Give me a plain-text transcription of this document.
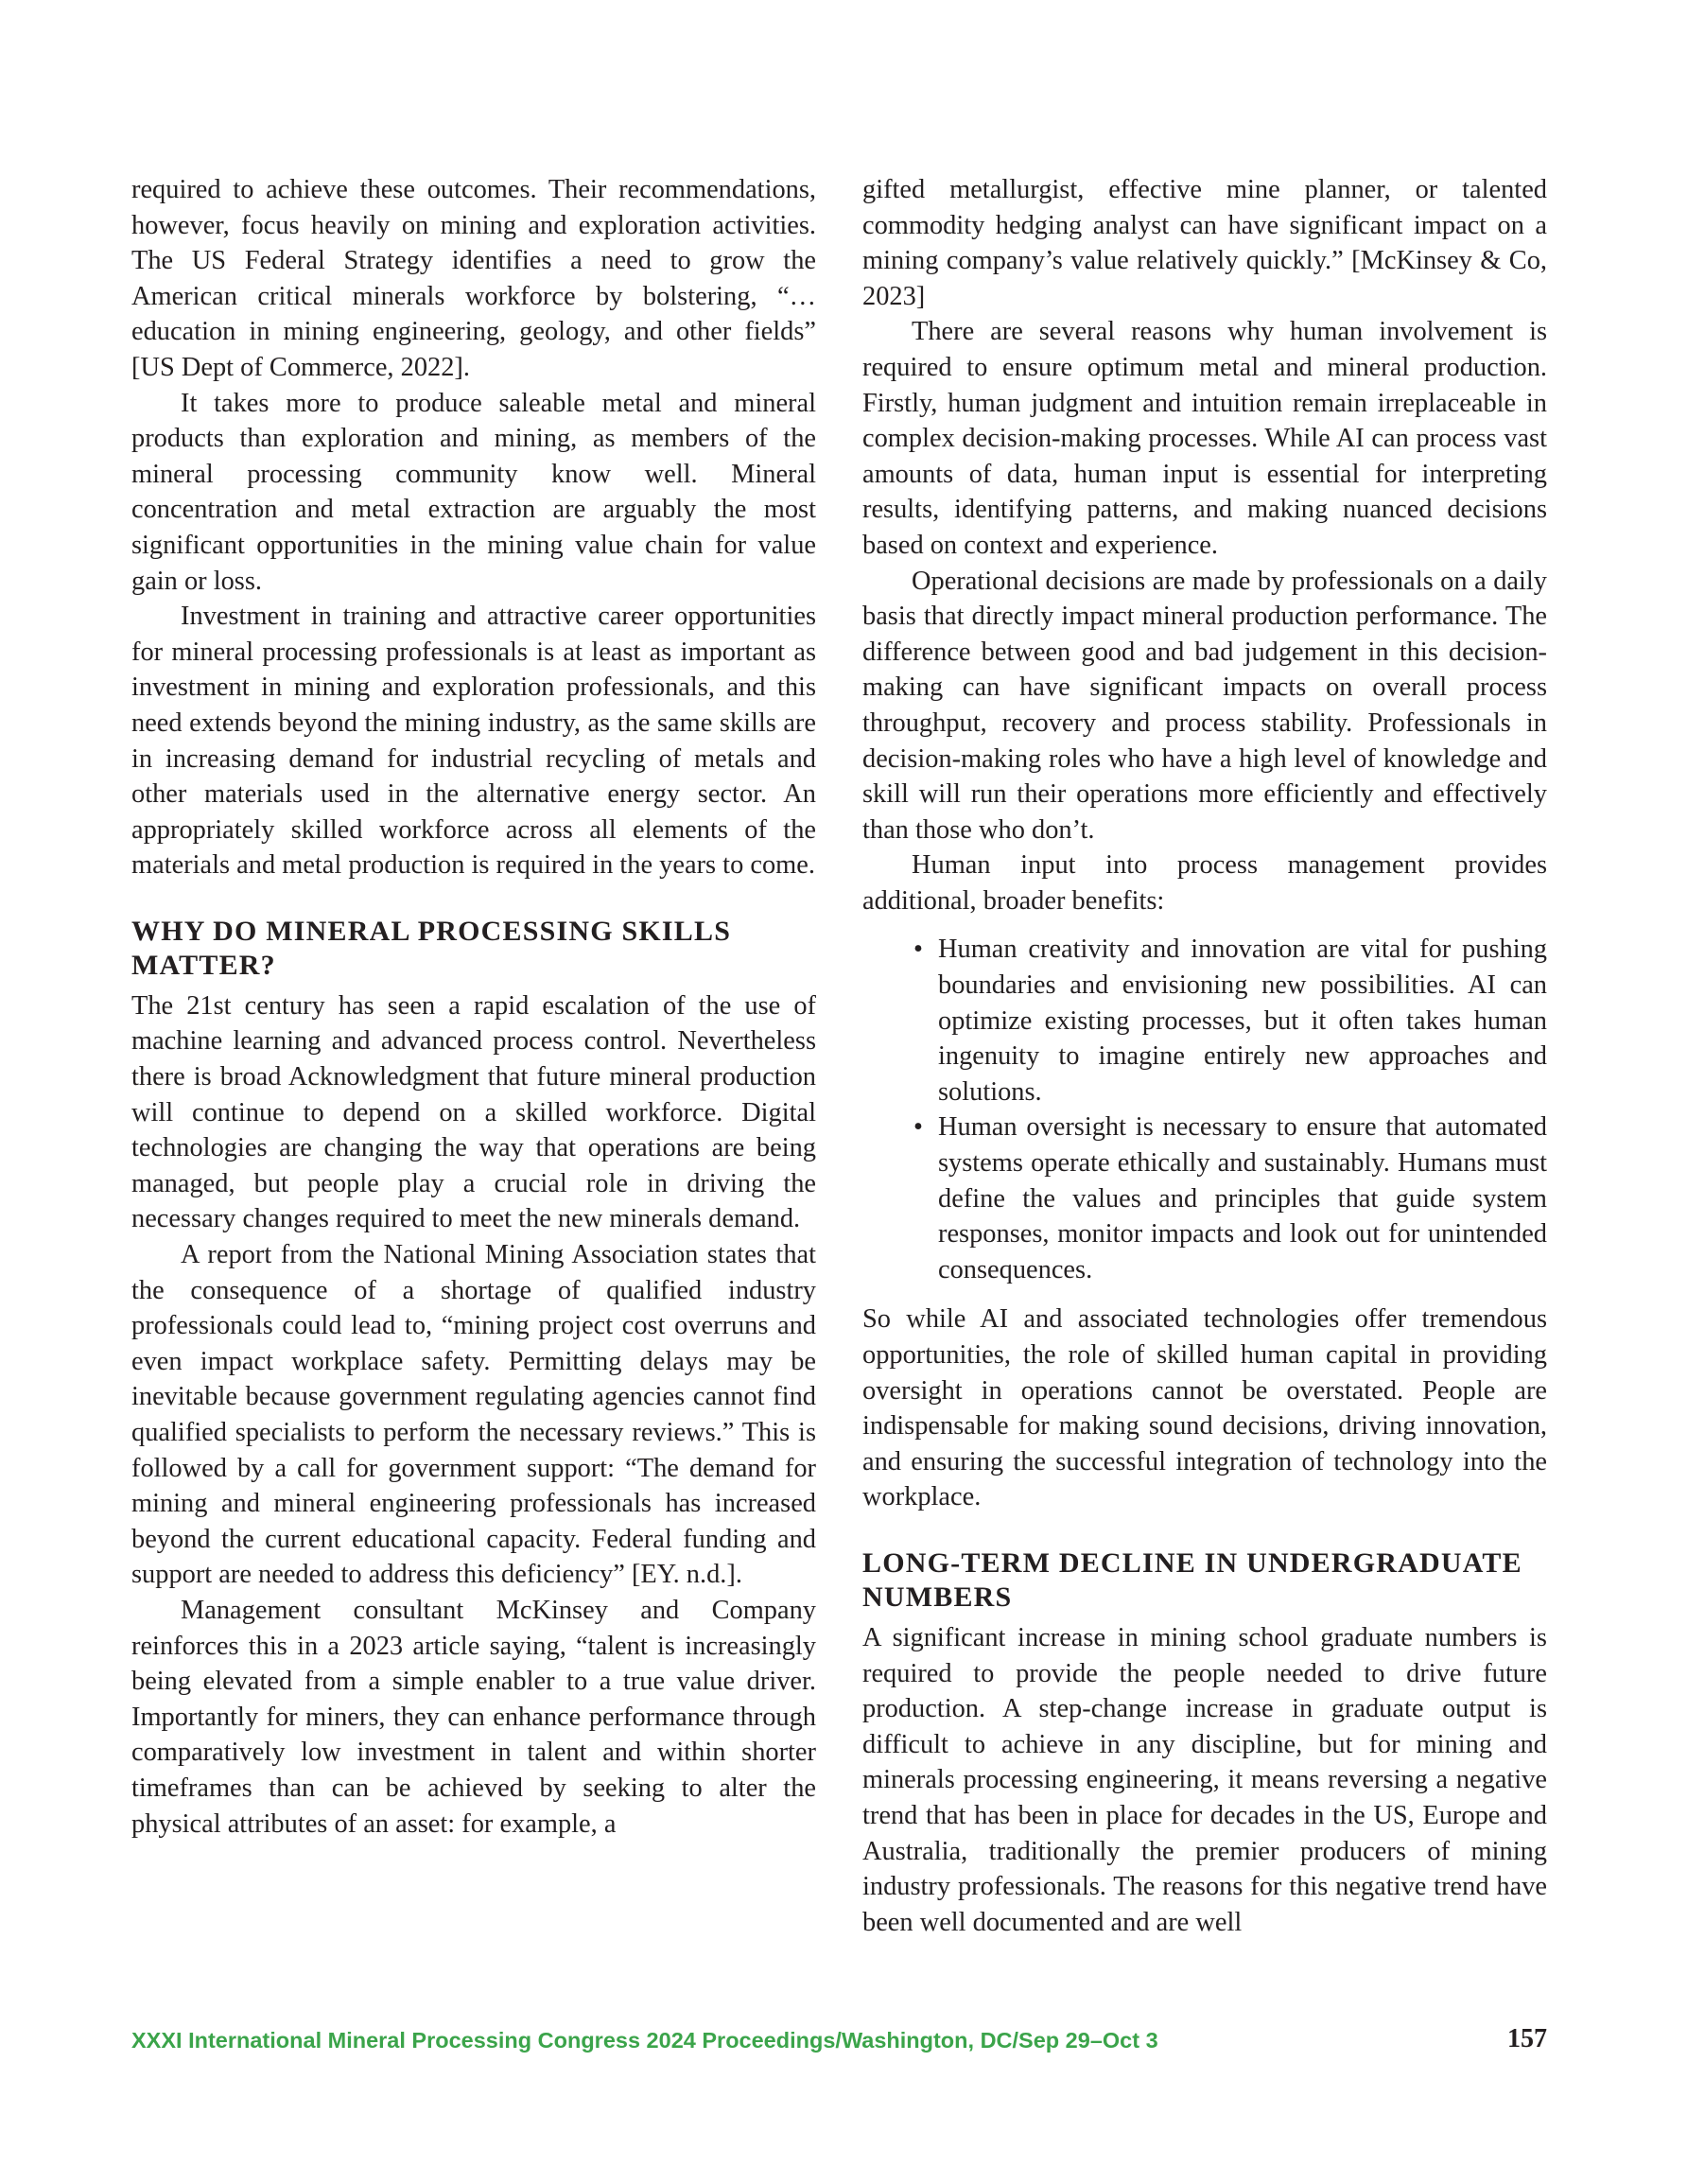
required to achieve these outcomes. Their recommendations, however, focus heavily on mining and exploration activities. The US Federal Strategy identifies a need to grow the American critical minerals workforce by bolstering, “…education in mining engineering, geology, and other fields” [US Dept of Commerce, 2022].

It takes more to produce saleable metal and mineral products than exploration and mining, as members of the mineral processing community know well. Mineral concentration and metal extraction are arguably the most significant opportunities in the mining value chain for value gain or loss.

Investment in training and attractive career opportunities for mineral processing professionals is at least as important as investment in mining and exploration professionals, and this need extends beyond the mining industry, as the same skills are in increasing demand for industrial recycling of metals and other materials used in the alternative energy sector. An appropriately skilled workforce across all elements of the materials and metal production is required in the years to come.

WHY DO MINERAL PROCESSING SKILLS MATTER?

The 21st century has seen a rapid escalation of the use of machine learning and advanced process control. Nevertheless there is broad Acknowledgment that future mineral production will continue to depend on a skilled workforce. Digital technologies are changing the way that operations are being managed, but people play a crucial role in driving the necessary changes required to meet the new minerals demand.

A report from the National Mining Association states that the consequence of a shortage of qualified industry professionals could lead to, “mining project cost overruns and even impact workplace safety. Permitting delays may be inevitable because government regulating agencies cannot find qualified specialists to perform the necessary reviews.” This is followed by a call for government support: “The demand for mining and mineral engineering professionals has increased beyond the current educational capacity. Federal funding and support are needed to address this deficiency” [EY. n.d.].

Management consultant McKinsey and Company reinforces this in a 2023 article saying, “talent is increasingly being elevated from a simple enabler to a true value driver. Importantly for miners, they can enhance performance through comparatively low investment in talent and within shorter timeframes than can be achieved by seeking to alter the physical attributes of an asset: for example, a

gifted metallurgist, effective mine planner, or talented commodity hedging analyst can have significant impact on a mining company’s value relatively quickly.” [McKinsey & Co, 2023]

There are several reasons why human involvement is required to ensure optimum metal and mineral production. Firstly, human judgment and intuition remain irreplaceable in complex decision-making processes. While AI can process vast amounts of data, human input is essential for interpreting results, identifying patterns, and making nuanced decisions based on context and experience.

Operational decisions are made by professionals on a daily basis that directly impact mineral production performance. The difference between good and bad judgement in this decision-making can have significant impacts on overall process throughput, recovery and process stability. Professionals in decision-making roles who have a high level of knowledge and skill will run their operations more efficiently and effectively than those who don’t.

Human input into process management provides additional, broader benefits:

• Human creativity and innovation are vital for pushing boundaries and envisioning new possibilities. AI can optimize existing processes, but it often takes human ingenuity to imagine entirely new approaches and solutions.
• Human oversight is necessary to ensure that automated systems operate ethically and sustainably. Humans must define the values and principles that guide system responses, monitor impacts and look out for unintended consequences.

So while AI and associated technologies offer tremendous opportunities, the role of skilled human capital in providing oversight in operations cannot be overstated. People are indispensable for making sound decisions, driving innovation, and ensuring the successful integration of technology into the workplace.

LONG-TERM DECLINE IN UNDERGRADUATE NUMBERS

A significant increase in mining school graduate numbers is required to provide the people needed to drive future production. A step-change increase in graduate output is difficult to achieve in any discipline, but for mining and minerals processing engineering, it means reversing a negative trend that has been in place for decades in the US, Europe and Australia, traditionally the premier producers of mining industry professionals. The reasons for this negative trend have been well documented and are well

XXXI International Mineral Processing Congress 2024 Proceedings/Washington, DC/Sep 29–Oct 3	157
